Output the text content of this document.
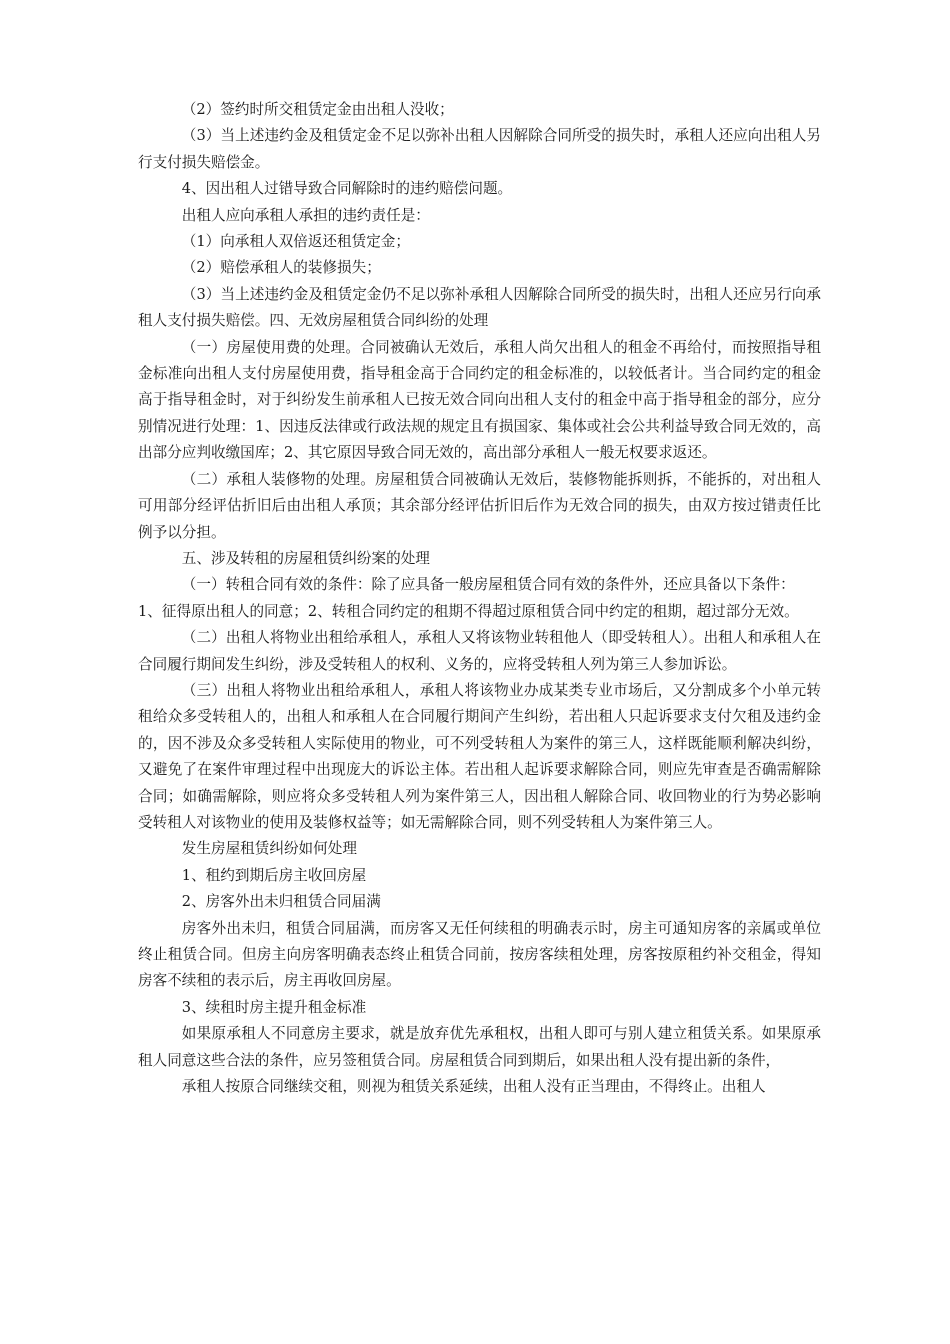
（2）签约时所交租赁定金由出租人没收；

（3）当上述违约金及租赁定金不足以弥补出租人因解除合同所受的损失时，承租人还应向出租人另行支付损失赔偿金。

4、因出租人过错导致合同解除时的违约赔偿问题。

出租人应向承租人承担的违约责任是：

（1）向承租人双倍返还租赁定金；

（2）赔偿承租人的装修损失；

（3）当上述违约金及租赁定金仍不足以弥补承租人因解除合同所受的损失时，出租人还应另行向承租人支付损失赔偿。四、无效房屋租赁合同纠纷的处理

（一）房屋使用费的处理。合同被确认无效后，承租人尚欠出租人的租金不再给付，而按照指导租金标准向出租人支付房屋使用费，指导租金高于合同约定的租金标准的，以较低者计。当合同约定的租金高于指导租金时，对于纠纷发生前承租人已按无效合同向出租人支付的租金中高于指导租金的部分，应分别情况进行处理：1、因违反法律或行政法规的规定且有损国家、集体或社会公共利益导致合同无效的，高出部分应判收缴国库；2、其它原因导致合同无效的，高出部分承租人一般无权要求返还。

（二）承租人装修物的处理。房屋租赁合同被确认无效后，装修物能拆则拆，不能拆的，对出租人可用部分经评估折旧后由出租人承顶；其余部分经评估折旧后作为无效合同的损失，由双方按过错责任比例予以分担。

五、涉及转租的房屋租赁纠纷案的处理

（一）转租合同有效的条件：除了应具备一般房屋租赁合同有效的条件外，还应具备以下条件：

1、征得原出租人的同意；2、转租合同约定的租期不得超过原租赁合同中约定的租期，超过部分无效。

（二）出租人将物业出租给承租人，承租人又将该物业转租他人（即受转租人）。出租人和承租人在合同履行期间发生纠纷，涉及受转租人的权利、义务的，应将受转租人列为第三人参加诉讼。

（三）出租人将物业出租给承租人，承租人将该物业办成某类专业市场后，又分割成多个小单元转租给众多受转租人的，出租人和承租人在合同履行期间产生纠纷，若出租人只起诉要求支付欠租及违约金的，因不涉及众多受转租人实际使用的物业，可不列受转租人为案件的第三人，这样既能顺利解决纠纷，又避免了在案件审理过程中出现庞大的诉讼主体。若出租人起诉要求解除合同，则应先审查是否确需解除合同；如确需解除，则应将众多受转租人列为案件第三人，因出租人解除合同、收回物业的行为势必影响受转租人对该物业的使用及装修权益等；如无需解除合同，则不列受转租人为案件第三人。

发生房屋租赁纠纷如何处理

1、租约到期后房主收回房屋

2、房客外出未归租赁合同届满

房客外出未归，租赁合同届满，而房客又无任何续租的明确表示时，房主可通知房客的亲属或单位终止租赁合同。但房主向房客明确表态终止租赁合同前，按房客续租处理，房客按原租约补交租金，得知房客不续租的表示后，房主再收回房屋。

3、续租时房主提升租金标准

如果原承租人不同意房主要求，就是放弃优先承租权，出租人即可与别人建立租赁关系。如果原承租人同意这些合法的条件，应另签租赁合同。房屋租赁合同到期后，如果出租人没有提出新的条件，

承租人按原合同继续交租，则视为租赁关系延续，出租人没有正当理由，不得终止。出租人
